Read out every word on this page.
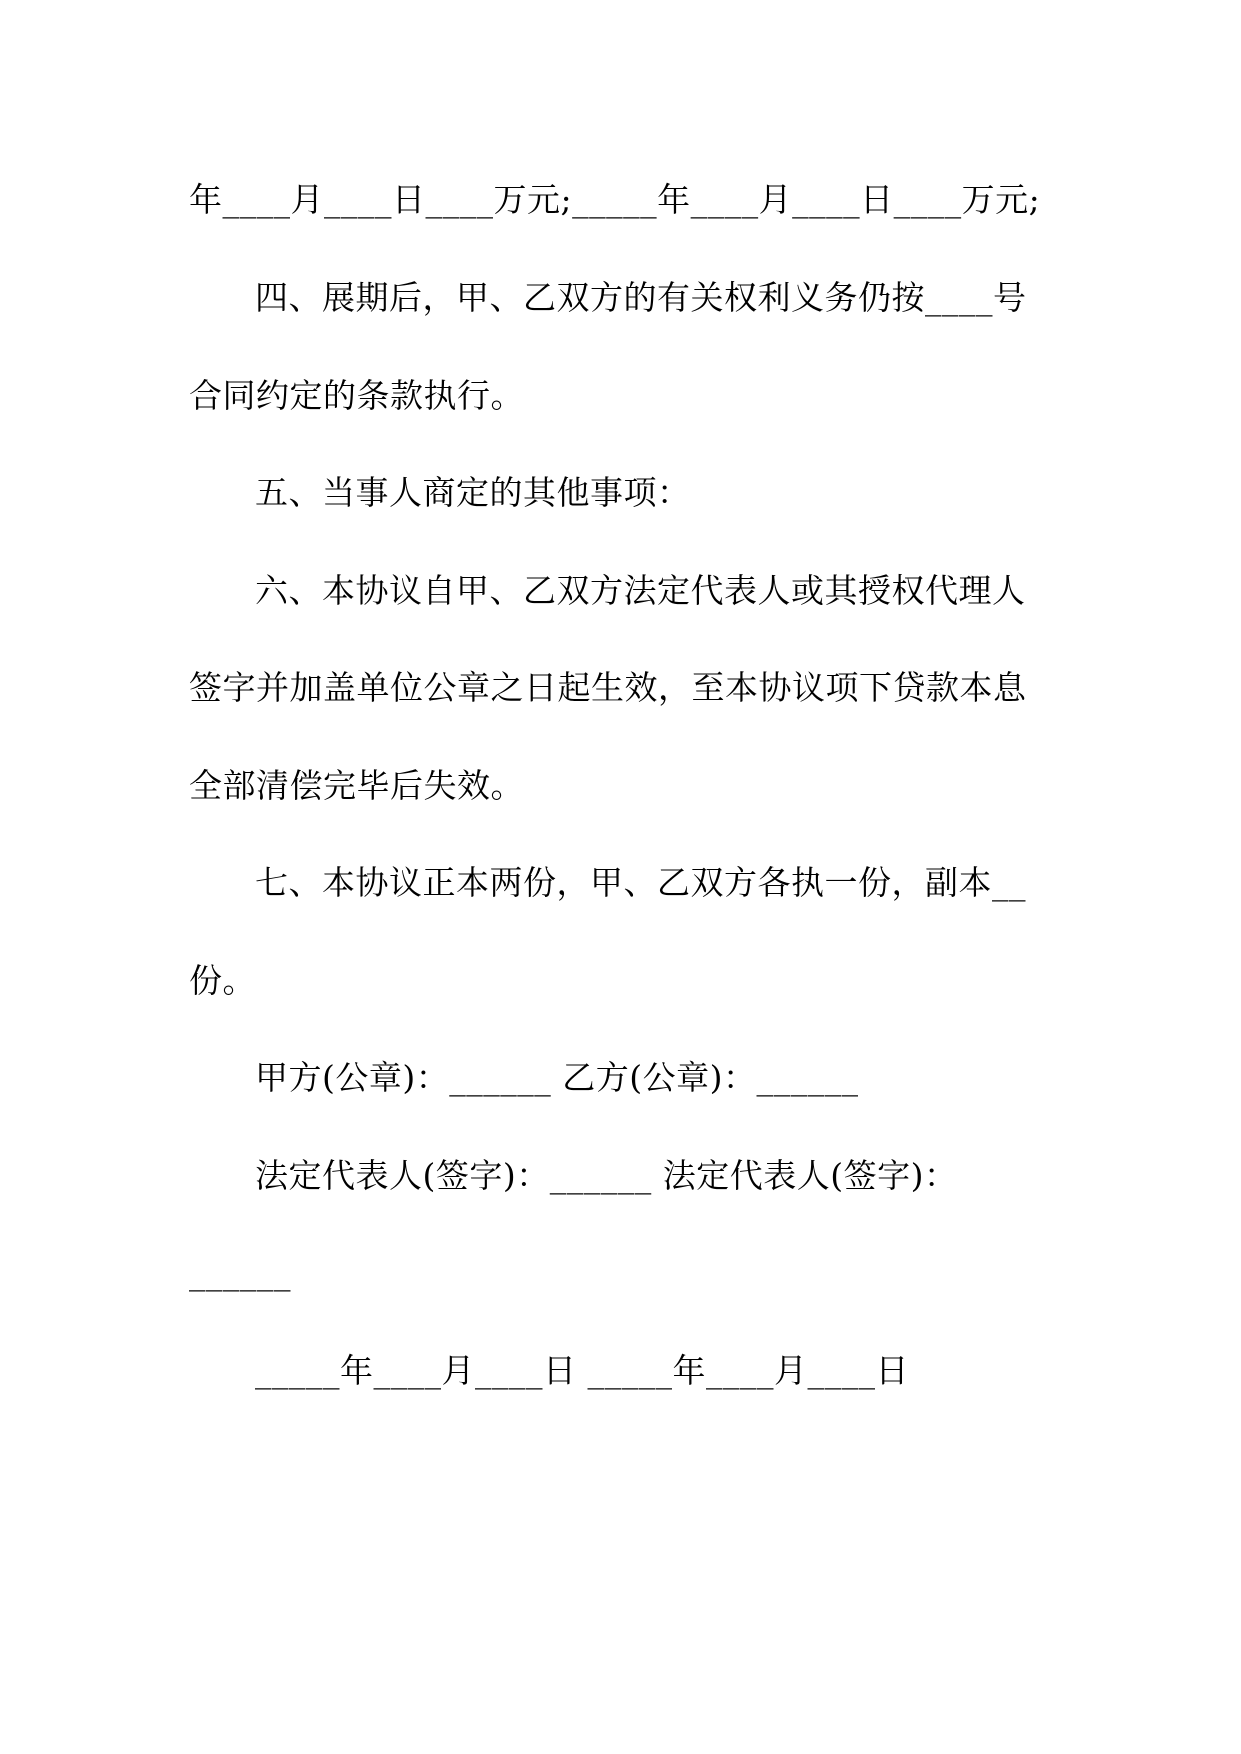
年____月____日____万元;_____年____月____日____万元;
四、展期后，甲、乙双方的有关权利义务仍按____号
合同约定的条款执行。
五、当事人商定的其他事项：
六、本协议自甲、乙双方法定代表人或其授权代理人
签字并加盖单位公章之日起生效，至本协议项下贷款本息
全部清偿完毕后失效。
七、本协议正本两份，甲、乙双方各执一份，副本__
份。
甲方(公章)：______ 乙方(公章)：______
法定代表人(签字)：______ 法定代表人(签字)：
______
_____年____月____日 _____年____月____日
